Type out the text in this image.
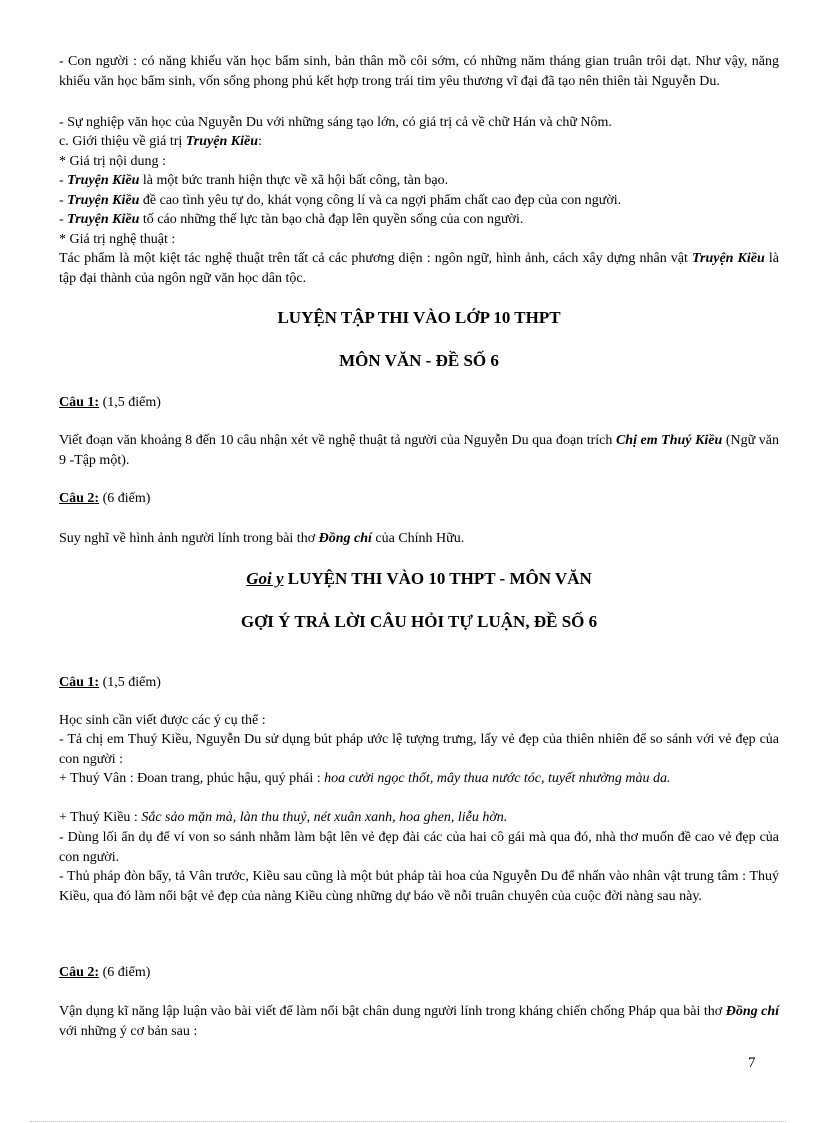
- Con người : có năng khiếu văn học bẩm sinh, bản thân mồ côi sớm, có những năm tháng gian truân trôi dạt. Như vậy, năng khiếu văn học bẩm sinh, vốn sống phong phú kết hợp trong trái tim yêu thương vĩ đại đã tạo nên thiên tài Nguyễn Du.

- Sự nghiệp văn học của Nguyễn Du với những sáng tạo lớn, có giá trị cả về chữ Hán và chữ Nôm.

c. Giới thiệu về giá trị Truyện Kiều:

* Giá trị nội dung :

- Truyện Kiều là một bức tranh hiện thực về xã hội bất công, tàn bạo.

- Truyện Kiều đề cao tình yêu tự do, khát vọng công lí và ca ngợi phẩm chất cao đẹp của con người.

- Truyện Kiều tố cáo những thế lực tàn bạo chà đạp lên quyền sống của con người.

* Giá trị nghệ thuật :

Tác phẩm là một kiệt tác nghệ thuật trên tất cả các phương diện : ngôn ngữ, hình ảnh, cách xây dựng nhân vật Truyện Kiều là tập đại thành của ngôn ngữ văn học dân tộc.

LUYỆN TẬP THI VÀO LỚP 10 THPT

MÔN VĂN - ĐỀ SỐ 6

Câu 1: (1,5 điểm)

Viết đoạn văn khoảng 8 đến 10 câu nhận xét về nghệ thuật tả người của Nguyễn Du qua đoạn trích Chị em Thuý Kiều (Ngữ văn 9 -Tập một).

Câu 2: (6 điểm)

Suy nghĩ về hình ảnh người lính trong bài thơ Đồng chí của Chính Hữu.

Goi y LUYỆN THI VÀO 10 THPT - MÔN VĂN

GỢI Ý TRẢ LỜI CÂU HỎI TỰ LUẬN, ĐỀ SỐ 6

Câu 1: (1,5 điểm)

Học sinh cần viết được các ý cụ thể :

- Tả chị em Thuý Kiều, Nguyễn Du sử dụng bút pháp ước lệ tượng trưng, lấy vẻ đẹp của thiên nhiên để so sánh với vẻ đẹp của con người :

+ Thuý Vân : Đoan trang, phúc hậu, quý phái : hoa cười ngọc thốt, mây thua nước tóc, tuyết nhường màu da.

+ Thuý Kiều : Sắc sảo mặn mà, làn thu thuỷ, nét xuân xanh, hoa ghen, liễu hờn.

- Dùng lối ẩn dụ để ví von so sánh nhằm làm bật lên vẻ đẹp đài các của hai cô gái mà qua đó, nhà thơ muốn đề cao vẻ đẹp của con người.

- Thủ pháp đòn bẩy, tả Vân trước, Kiều sau cũng là một bút pháp tài hoa của Nguyễn Du để nhấn vào nhân vật trung tâm : Thuý Kiều, qua đó làm nổi bật vẻ đẹp của nàng Kiều cùng những dự báo về nỗi truân chuyên của cuộc đời nàng sau này.

Câu 2: (6 điểm)

Vận dụng kĩ năng lập luận vào bài viết để làm nổi bật chân dung người lính trong kháng chiến chống Pháp qua bài thơ Đồng chí với những ý cơ bản sau :

7
